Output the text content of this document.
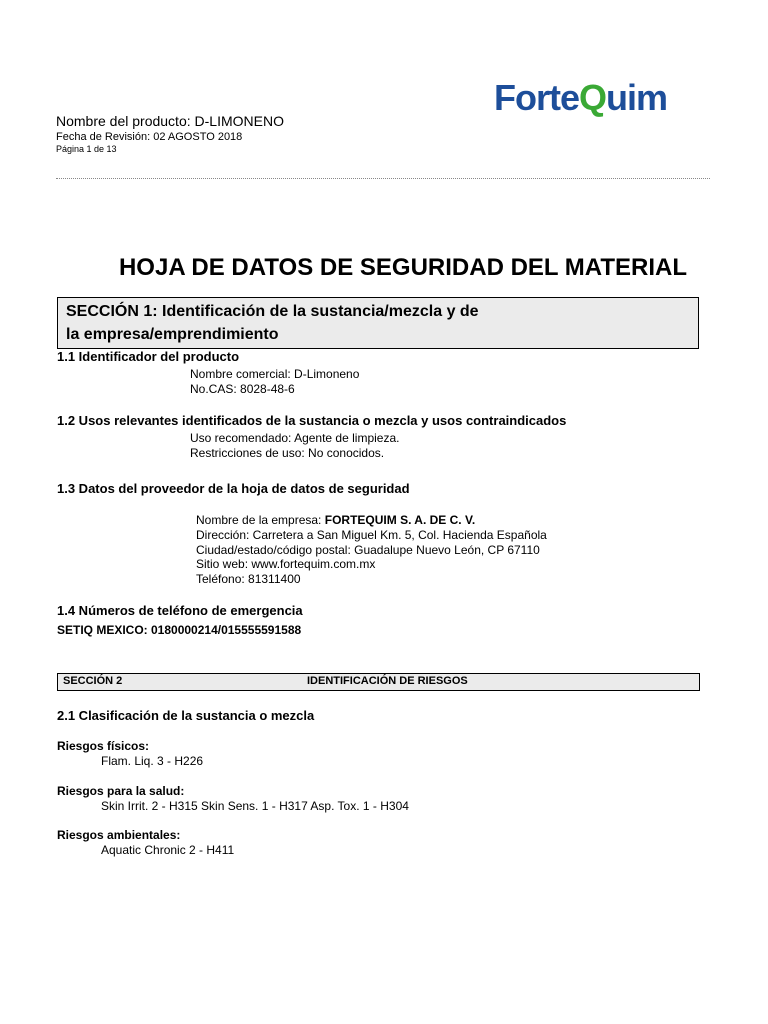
ForteQuim
Nombre del producto: D-LIMONENO
Fecha de Revisión: 02 AGOSTO 2018
Página 1 de 13
HOJA DE DATOS DE SEGURIDAD DEL MATERIAL
SECCIÓN 1: Identificación de la sustancia/mezcla y de
la empresa/emprendimiento
1.1 Identificador del producto
Nombre comercial: D-Limoneno
No.CAS: 8028-48-6
1.2 Usos relevantes identificados de la sustancia o mezcla y usos contraindicados
Uso recomendado: Agente de limpieza.
Restricciones de uso: No conocidos.
1.3 Datos del proveedor de la hoja de datos de seguridad
Nombre de la empresa: FORTEQUIM S. A. DE C. V.
Dirección: Carretera a San Miguel Km. 5, Col. Hacienda Española
Ciudad/estado/código postal: Guadalupe Nuevo León, CP 67110
Sitio web: www.fortequim.com.mx
Teléfono: 81311400
1.4 Números de teléfono de emergencia
SETIQ MEXICO: 0180000214/015555591588
SECCIÓN 2	IDENTIFICACIÓN DE RIESGOS
2.1 Clasificación de la sustancia o mezcla
Riesgos físicos:
Flam. Liq. 3 - H226
Riesgos para la salud:
Skin Irrit. 2 - H315 Skin Sens. 1 - H317 Asp. Tox. 1 - H304
Riesgos ambientales:
Aquatic Chronic 2 - H411
